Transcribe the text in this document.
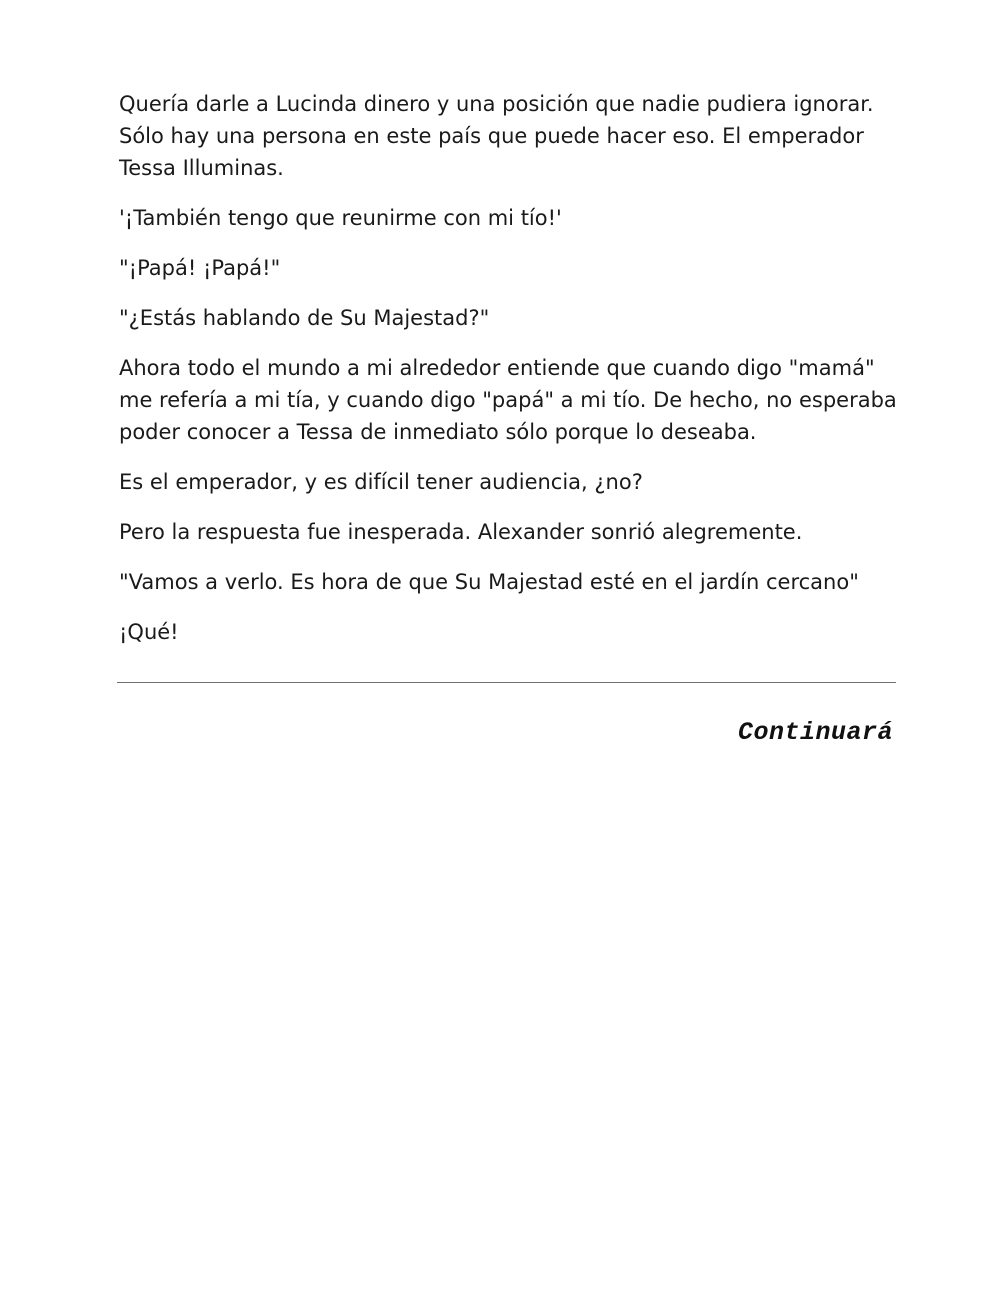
Quería darle a Lucinda dinero y una posición que nadie pudiera ignorar. Sólo hay una persona en este país que puede hacer eso. El emperador Tessa Illuminas.

'¡También tengo que reunirme con mi tío!'

"¡Papá! ¡Papá!"

"¿Estás hablando de Su Majestad?"

Ahora todo el mundo a mi alrededor entiende que cuando digo "mamá" me refería a mi tía, y cuando digo "papá" a mi tío. De hecho, no esperaba poder conocer a Tessa de inmediato sólo porque lo deseaba.

Es el emperador, y es difícil tener audiencia, ¿no?

Pero la respuesta fue inesperada. Alexander sonrió alegremente.

"Vamos a verlo. Es hora de que Su Majestad esté en el jardín cercano"

¡Qué!

Continuará
